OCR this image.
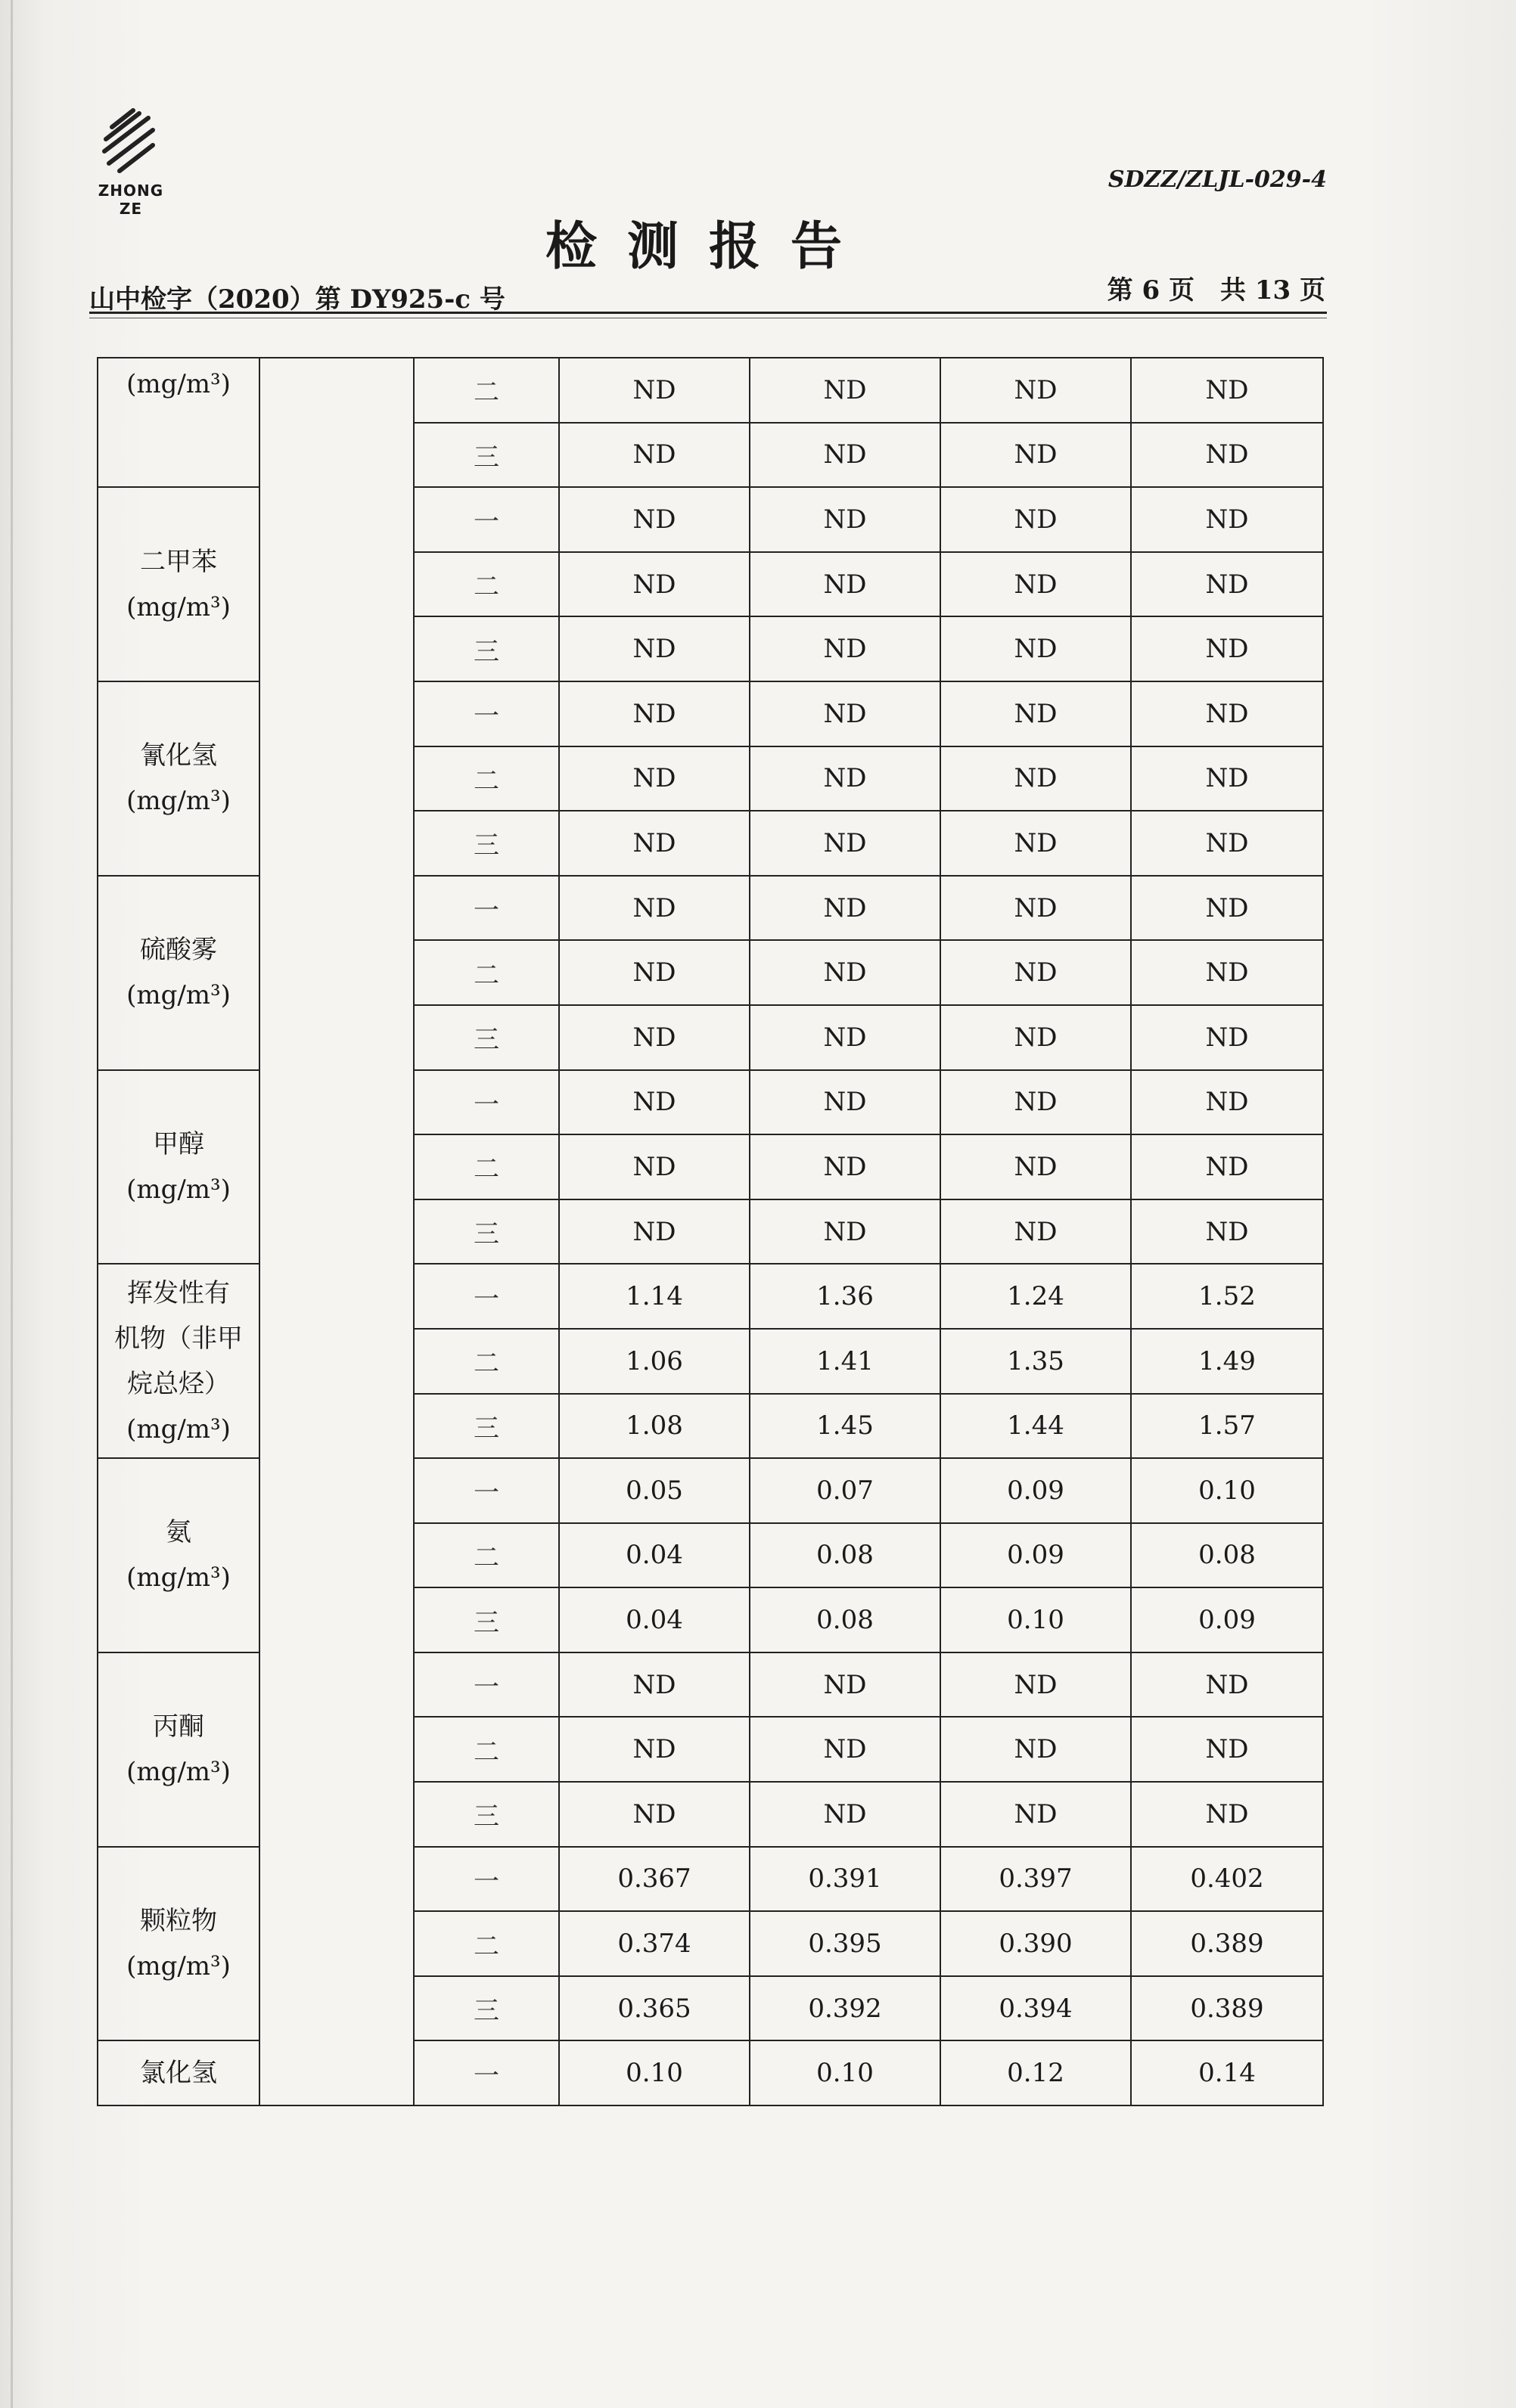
ZHONG ZE
SDZZ/ZLJL-029-4
检测报告
山中检字（2020）第 DY925-c 号	第 6 页　共 13 页
(mg/m³)		二	ND	ND	ND	ND
		三	ND	ND	ND	ND

二甲苯
(mg/m³)		一	ND	ND	ND	ND
		二	ND	ND	ND	ND
		三	ND	ND	ND	ND

氰化氢
(mg/m³)		一	ND	ND	ND	ND
		二	ND	ND	ND	ND
		三	ND	ND	ND	ND

硫酸雾
(mg/m³)		一	ND	ND	ND	ND
		二	ND	ND	ND	ND
		三	ND	ND	ND	ND

甲醇
(mg/m³)		一	ND	ND	ND	ND
		二	ND	ND	ND	ND
		三	ND	ND	ND	ND

挥发性有
机物（非甲
烷总烃）
(mg/m³)		一	1.14	1.36	1.24	1.52
		二	1.06	1.41	1.35	1.49
		三	1.08	1.45	1.44	1.57

氨
(mg/m³)		一	0.05	0.07	0.09	0.10
		二	0.04	0.08	0.09	0.08
		三	0.04	0.08	0.10	0.09

丙酮
(mg/m³)		一	ND	ND	ND	ND
		二	ND	ND	ND	ND
		三	ND	ND	ND	ND

颗粒物
(mg/m³)		一	0.367	0.391	0.397	0.402
		二	0.374	0.395	0.390	0.389
		三	0.365	0.392	0.394	0.389

氯化氢		一	0.10	0.10	0.12	0.14
